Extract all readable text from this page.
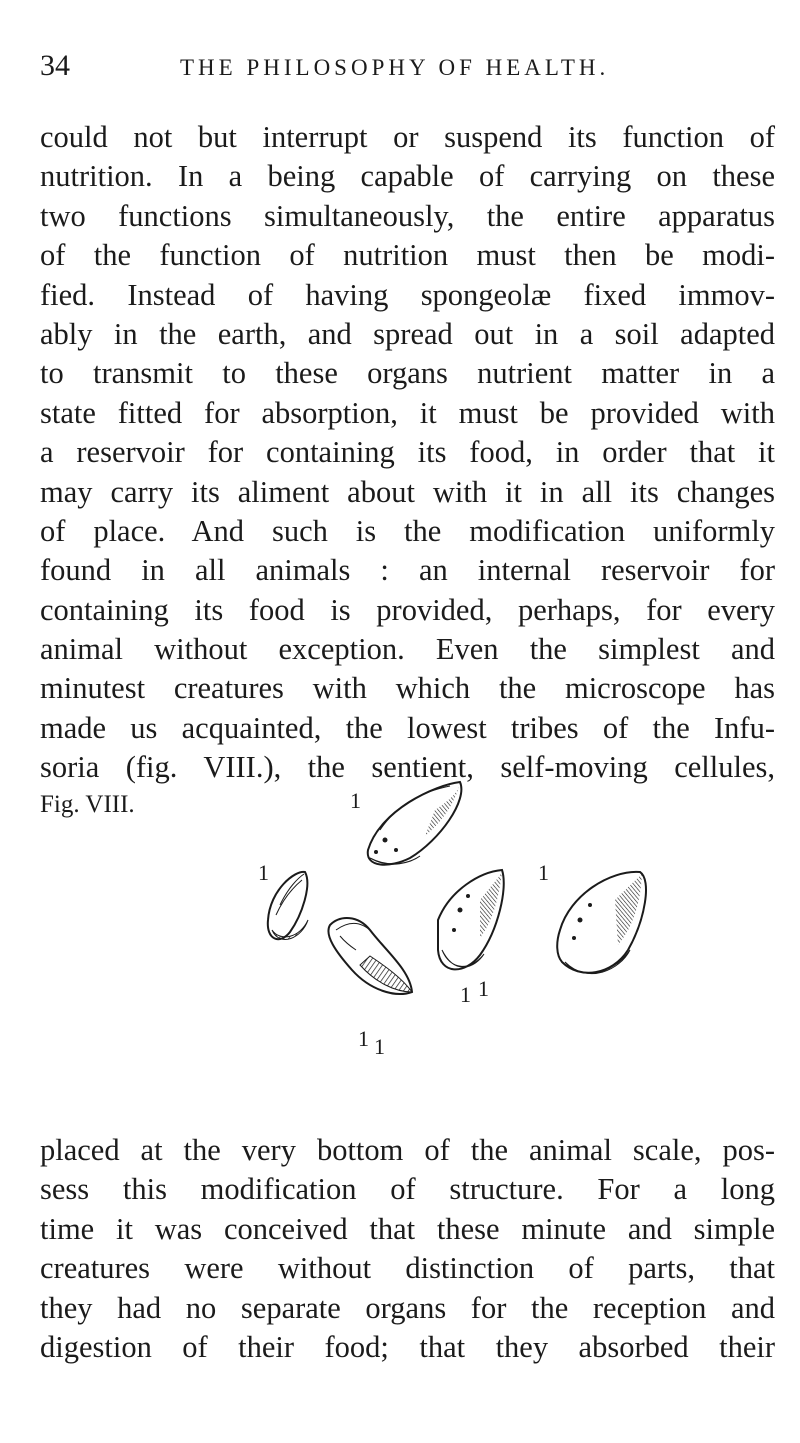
34	THE PHILOSOPHY OF HEALTH.
could not but interrupt or suspend its function of
nutrition. In a being capable of carrying on these
two functions simultaneously, the entire apparatus
of the function of nutrition must then be modi-
fied. Instead of having spongeolæ fixed immov-
ably in the earth, and spread out in a soil adapted
to transmit to these organs nutrient matter in a
state fitted for absorption, it must be provided with
a reservoir for containing its food, in order that it
may carry its aliment about with it in all its changes
of place. And such is the modification uniformly
found in all animals : an internal reservoir for
containing its food is provided, perhaps, for every
animal without exception. Even the simplest and
minutest creatures with which the microscope has
made us acquainted, the lowest tribes of the Infu-
soria (fig. VIII.), the sentient, self-moving cellules,
Fig. VIII.	1
1	1
1 1
1 1
placed at the very bottom of the animal scale, pos-
sess this modification of structure. For a long
time it was conceived that these minute and simple
creatures were without distinction of parts, that
they had no separate organs for the reception and
digestion of their food; that they absorbed their
